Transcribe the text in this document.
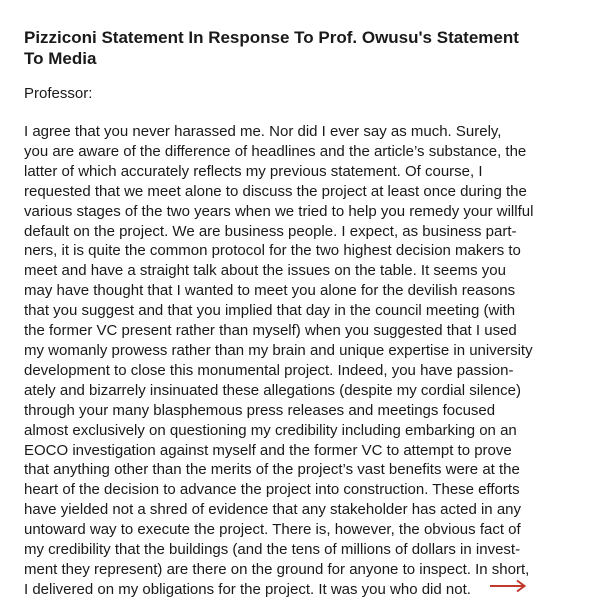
Pizziconi Statement In Response To Prof. Owusu's Statement
To Media

Professor:

I agree that you never harassed me. Nor did I ever say as much. Surely,
you are aware of the difference of headlines and the article’s substance, the
latter of which accurately reflects my previous statement. Of course, I
requested that we meet alone to discuss the project at least once during the
various stages of the two years when we tried to help you remedy your willful
default on the project. We are business people. I expect, as business part-
ners, it is quite the common protocol for the two highest decision makers to
meet and have a straight talk about the issues on the table. It seems you
may have thought that I wanted to meet you alone for the devilish reasons
that you suggest and that you implied that day in the council meeting (with
the former VC present rather than myself) when you suggested that I used
my womanly prowess rather than my brain and unique expertise in university
development to close this monumental project. Indeed, you have passion-
ately and bizarrely insinuated these allegations (despite my cordial silence)
through your many blasphemous press releases and meetings focused
almost exclusively on questioning my credibility including embarking on an
EOCO investigation against myself and the former VC to attempt to prove
that anything other than the merits of the project’s vast benefits were at the
heart of the decision to advance the project into construction. These efforts
have yielded not a shred of evidence that any stakeholder has acted in any
untoward way to execute the project. There is, however, the obvious fact of
my credibility that the buildings (and the tens of millions of dollars in invest-
ment they represent) are there on the ground for anyone to inspect. In short,
I delivered on my obligations for the project. It was you who did not.
